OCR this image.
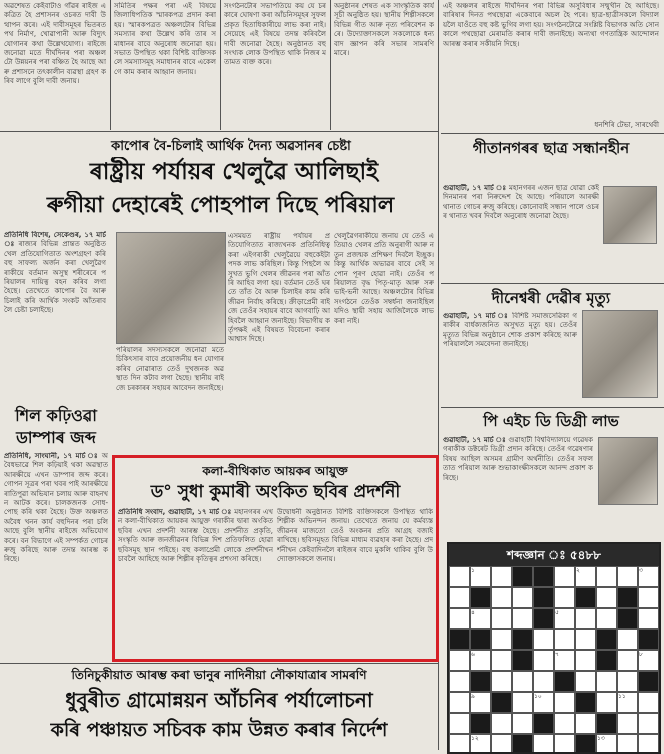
অৱশেষত কেইবাটাও গাঁৱৰ ৰাইজ একত্ৰিত হৈ প্ৰশাসনৰ ওচৰত দাবী উত্থাপন কৰে। এই দাবীসমূহৰ ভিতৰত পথ নিৰ্মাণ, খোৱাপানী আৰু বিদ্যুৎ যোগানৰ কথা উল্লেখযোগ্য। ৰাইজে জনোৱা মতে দীৰ্ঘদিনৰ পৰা অঞ্চলটো উন্নয়নৰ পৰা বঞ্চিত হৈ আছে আৰু প্ৰশাসনে তৎকালীন ব্যৱস্থা গ্ৰহণ কৰিব লাগে বুলি দাবী জনায়।
সমিতিৰ পক্ষৰ পৰা এই বিষয়ে জিলাধিপতিক স্মাৰকপত্ৰ প্ৰদান কৰা হয়। স্মাৰকপত্ৰত অঞ্চলটোৰ বিভিন্ন সমস্যাৰ কথা উল্লেখ কৰি তাৰ সমাধানৰ বাবে অনুৰোধ জনোৱা হয়। সভাত উপস্থিত থকা বিশিষ্ট ব্যক্তিসকলে সমস্যাসমূহ সমাধানৰ বাবে একেলগে কাম কৰাৰ আহ্বান জনায়।
সংগঠনটোৰ সভাপতিয়ে কয় যে চৰকাৰে ঘোষণা কৰা আঁচনিসমূহৰ সুফল প্ৰকৃত হিতাধিকাৰীয়ে লাভ কৰা নাই। সেয়েহে এই বিষয়ে তদন্ত কৰিবলৈ দাবী জনোৱা হৈছে। অনুষ্ঠানত বহু সংখ্যক লোক উপস্থিত থাকি নিজৰ মতামত ব্যক্ত কৰে।
অনুষ্ঠানৰ শেষত এক সাংস্কৃতিক কাৰ্যসূচী অনুষ্ঠিত হয়। স্থানীয় শিল্পীসকলে বিভিন্ন গীত আৰু নৃত্য পৰিবেশন কৰে। উদ্যোক্তাসকলে সকলোকে ধন্যবাদ জ্ঞাপন কৰি সভাৰ সামৰণি মাৰে।
কাপোৰ বৈ-চিলাই আৰ্থিক দৈন্য অৱসানৰ চেষ্টা
ৰাষ্ট্ৰীয় পৰ্যায়ৰ খেলুৱৈ আলিছাই
ৰুগীয়া দেহাৰেই পোহপাল দিছে পৰিয়াল
প্ৰতিনিধি বিশেষ, সেকেণ্ডৰ, ১৭ মাৰ্চ ঃ ৰাজ্যৰ বিভিন্ন প্ৰান্তত অনুষ্ঠিত খেল প্ৰতিযোগিতাত অংশগ্ৰহণ কৰি বহু সাফল্য অৰ্জন কৰা খেলুৱৈগৰাকীয়ে বৰ্তমান অসুস্থ শৰীৰেৰে পৰিয়ালৰ দায়িত্ব বহন কৰিব লগা হৈছে। তেখেতে কাপোৰ বৈ আৰু চিলাই কৰি আৰ্থিক সংকট আঁতৰাবলৈ চেষ্টা চলাইছে।
পৰিয়ালৰ সদস্যসকলে জনোৱা মতে চিকিৎসাৰ বাবে প্ৰয়োজনীয় ধন যোগাৰ কৰিব নোৱাৰাত তেওঁ দুখজনক অৱস্থাত দিন কটাব লগা হৈছে। স্থানীয় ৰাইজে চৰকাৰৰ সহায়ৰ আবেদন জনাইছে।
এসময়ত ৰাষ্ট্ৰীয় পৰ্যায়ৰ প্ৰতিযোগিতাত ৰাজ্যখনক প্ৰতিনিধিত্ব কৰা এইগৰাকী খেলুৱৈয়ে বহুকেইটা পদক লাভ কৰিছিল। কিন্তু পিছলৈ অসুখত ভুগি খেলৰ জীৱনৰ পৰা আঁতৰি আহিব লগা হয়। বৰ্তমান তেওঁ ঘৰতে তাঁত বৈ আৰু চিলাইৰ কাম কৰি জীৱন নিৰ্বাহ কৰিছে। ক্ৰীড়াপ্ৰেমী ৰাইজে তেওঁৰ সহায়ৰ বাবে আগবাঢ়ি আহিবলৈ আহ্বান জনাইছে। বিভাগীয় কৰ্তৃপক্ষই এই বিষয়ত বিবেচনা কৰাৰ আশ্বাস দিছে।
খেলুৱৈগৰাকীয়ে জনায় যে তেওঁ এতিয়াও খেলৰ প্ৰতি অনুৰাগী আৰু নতুন প্ৰজন্মক প্ৰশিক্ষণ দিবলৈ ইচ্ছুক। কিন্তু আৰ্থিক অভাৱৰ বাবে সেই সপোন পূৰণ হোৱা নাই। তেওঁৰ পৰিয়ালত বৃদ্ধ পিতৃ-মাতৃ আৰু সৰু ভাই-ভনী আছে। অঞ্চলটোৰ বিভিন্ন সংগঠনে তেওঁক সম্বৰ্ধনা জনাইছিল যদিও স্থায়ী সহায় আজিলৈকে লাভ কৰা নাই।
শিল কঢ়িওৱা
ডাম্পাৰ জব্দ
প্ৰতিনিধি, সাংঘানী, ১৭ মাৰ্চ ঃ অবৈধভাৱে শিল কঢ়িয়াই থকা অৱস্থাত আৰক্ষীয়ে এখন ডাম্পাৰ জব্দ কৰে। গোপন সূত্ৰৰ পৰা খবৰ পাই আৰক্ষীয়ে ৰাতিপুৱা অভিযান চলায় আৰু বাহনখন আটক কৰে। চালকজনক সোধ-পোছ কৰি থকা হৈছে। উক্ত অঞ্চলত অবৈধ খনন কাৰ্য বহুদিনৰ পৰা চলি আছে বুলি স্থানীয় ৰাইজে অভিযোগ কৰে। বন বিভাগে এই সম্পৰ্কত গোচৰ ৰুজু কৰিছে আৰু তদন্ত আৰম্ভ কৰিছে।
কলা-বীথিকাত আয়কৰ আয়ুক্ত
ড° সুধা কুমাৰী অংকিত ছবিৰ প্ৰদৰ্শনী
প্ৰতিনিধি সংবাদ, গুৱাহাটী, ১৭ মাৰ্চ ঃ মহানগৰৰ এখন কলা-বীথিকাত আয়কৰ আয়ুক্ত গৰাকীৰ দ্বাৰা অংকিত ছবিৰ এখন প্ৰদৰ্শনী আৰম্ভ হৈছে। প্ৰদৰ্শনীত প্ৰকৃতি, সংস্কৃতি আৰু জনজীৱনৰ বিভিন্ন দিশ প্ৰতিফলিত হোৱা ছবিসমূহ স্থান পাইছে। বহু কলাপ্ৰেমী লোকে প্ৰদৰ্শনীখন চাবলৈ আহিছে আৰু শিল্পীৰ কৃতিত্বৰ প্ৰশংসা কৰিছে।
উদ্বোধনী অনুষ্ঠানত বিশিষ্ট ব্যক্তিসকলে উপস্থিত থাকি শিল্পীক অভিনন্দন জনায়। তেখেতে জনায় যে কৰ্মব্যস্ত জীৱনৰ মাজতো তেওঁ অংকনৰ প্ৰতি আগ্ৰহ বজাই ৰাখিছে। ছবিসমূহত বিভিন্ন মাধ্যম ব্যৱহাৰ কৰা হৈছে। প্ৰদৰ্শনীখন কেইবাদিনলৈ ৰাইজৰ বাবে মুকলি থাকিব বুলি উদ্যোক্তাসকলে জনায়।
তিনিচুকীয়াত আৰম্ভ কৰা ভানুৰ নাদিনীয়া নৌকাযাত্ৰাৰ সামৰণি
ধুবুৰীত গ্ৰামোন্নয়ন আঁচনিৰ পৰ্যালোচনা
কৰি পঞ্চায়ত সচিবক কাম উন্নত কৰাৰ নিৰ্দেশ
এই অঞ্চলৰ ৰাইজে দীৰ্ঘদিনৰ পৰা বিভিন্ন অসুবিধাৰ সন্মুখীন হৈ আহিছে। বাৰিষাৰ দিনত পথছোৱা একেবাৰে অচল হৈ পৰে। ছাত্ৰ-ছাত্ৰীসকলে বিদ্যালয়লৈ যাওঁতে বহু কষ্ট ভুগিব লগা হয়। সংগঠনটোৱে সংশ্লিষ্ট বিভাগক অতি সোনকালে পথছোৱা মেৰামতি কৰাৰ দাবী জনাইছে। অন্যথা গণতান্ত্ৰিক আন্দোলন আৰম্ভ কৰাৰ সকীয়নি দিছে।
ধনশিৰি টেভা, সাৰথেবী
গীতানগৰৰ ছাত্ৰ সন্ধানহীন
গুৱাহাটী, ১৭ মাৰ্চ ঃ মহানগৰৰ এজন ছাত্ৰ যোৱা কেইদিনমানৰ পৰা নিৰুদ্দেশ হৈ আছে। পৰিয়ালে আৰক্ষী থানাত গোচৰ ৰুজু কৰিছে। কোনোবাই সন্ধান পালে ওচৰৰ থানাত খবৰ দিবলৈ অনুৰোধ জনোৱা হৈছে।
দীনেশ্বৰী দেৱীৰ মৃত্যু
গুৱাহাটী, ১৭ মাৰ্চ ঃ বিশিষ্ট সমাজসেৱিকা গৰাকীৰ বাৰ্ধক্যজনিত অসুখত মৃত্যু হয়। তেওঁৰ মৃত্যুত বিভিন্ন অনুষ্ঠানে শোক প্ৰকাশ কৰিছে আৰু পৰিয়াললৈ সমবেদনা জনাইছে।
পি এইচ ডি ডিগ্ৰী লাভ
গুৱাহাটী, ১৭ মাৰ্চ ঃ গুৱাহাটী বিশ্ববিদ্যালয়ে গৱেষকগৰাকীক ডক্টৰেট ডিগ্ৰী প্ৰদান কৰিছে। তেওঁৰ গৱেষণাৰ বিষয় আছিল অসমৰ গ্ৰামীণ অৰ্থনীতি। তেওঁৰ সফলতাত পৰিয়াল আৰু শুভাকাংক্ষীসকলে আনন্দ প্ৰকাশ কৰিছে।
শব্দজ্ঞান ঃ ৫৪৮৮
১	২	৩
৪	৫
৬	৭	৮
৯	১০	১১
১২	১৩
